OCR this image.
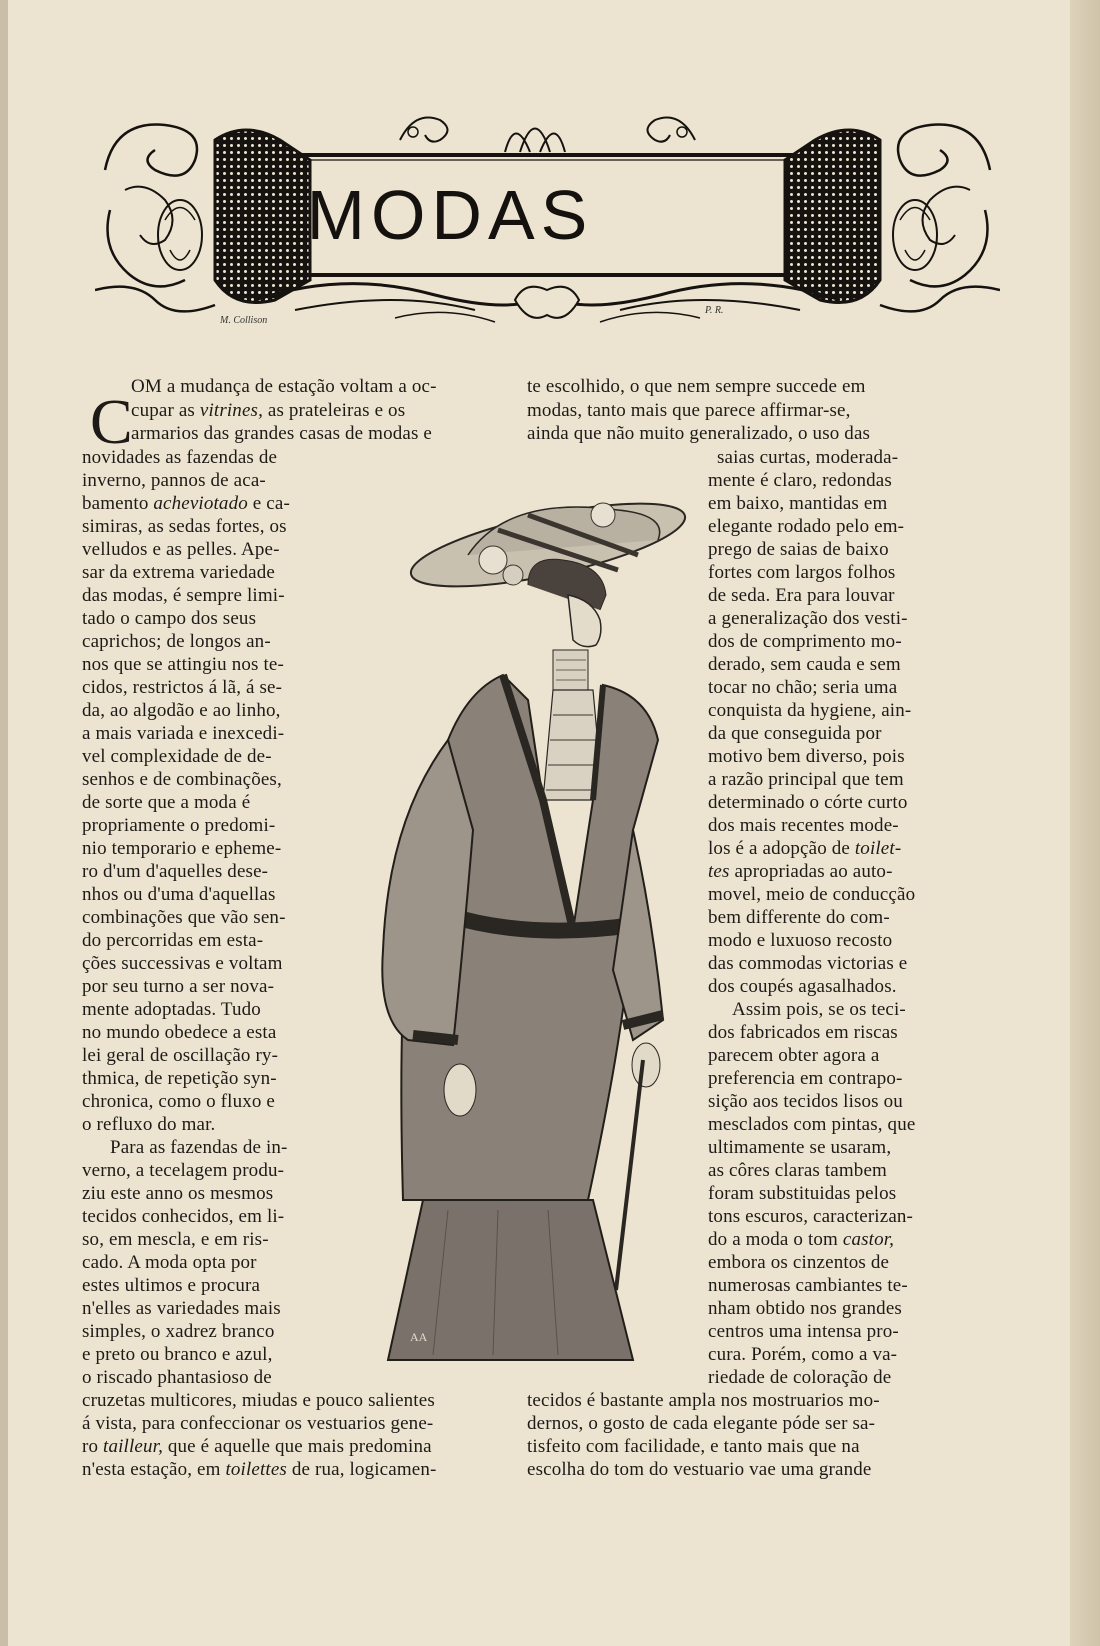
M. Collison
P. R.
MODAS
C
AA
OM a mudança de estação voltam a oc-
cupar as vitrines, as prateleiras e os
armarios das grandes casas de modas e
novidades as fazendas de
inverno, pannos de aca-
bamento acheviotado e ca-
simiras, as sedas fortes, os
velludos e as pelles. Ape-
sar da extrema variedade
das modas, é sempre limi-
tado o campo dos seus
caprichos; de longos an-
nos que se attingiu nos te-
cidos, restrictos á lã, á se-
da, ao algodão e ao linho,
a mais variada e inexcedi-
vel complexidade de de-
senhos e de combinações,
de sorte que a moda é
propriamente o predomi-
nio temporario e epheme-
ro d'um d'aquelles dese-
nhos ou d'uma d'aquellas
combinações que vão sen-
do percorridas em esta-
ções successivas e voltam
por seu turno a ser nova-
mente adoptadas. Tudo
no mundo obedece a esta
lei geral de oscillação ry-
thmica, de repetição syn-
chronica, como o fluxo e
o refluxo do mar.
Para as fazendas de in-
verno, a tecelagem produ-
ziu este anno os mesmos
tecidos conhecidos, em li-
so, em mescla, e em ris-
cado. A moda opta por
estes ultimos e procura
n'elles as variedades mais
simples, o xadrez branco
e preto ou branco e azul,
o riscado phantasioso de
cruzetas multicores, miudas e pouco salientes
á vista, para confeccionar os vestuarios gene-
ro tailleur, que é aquelle que mais predomina
n'esta estação, em toilettes de rua, logicamen-
te escolhido, o que nem sempre succede em
modas, tanto mais que parece affirmar-se,
ainda que não muito generalizado, o uso das
saias curtas, moderada-
mente é claro, redondas
em baixo, mantidas em
elegante rodado pelo em-
prego de saias de baixo
fortes com largos folhos
de seda. Era para louvar
a generalização dos vesti-
dos de comprimento mo-
derado, sem cauda e sem
tocar no chão; seria uma
conquista da hygiene, ain-
da que conseguida por
motivo bem diverso, pois
a razão principal que tem
determinado o córte curto
dos mais recentes mode-
los é a adopção de toilet-
tes apropriadas ao auto-
movel, meio de conducção
bem differente do com-
modo e luxuoso recosto
das commodas victorias e
dos coupés agasalhados.
Assim pois, se os teci-
dos fabricados em riscas
parecem obter agora a
preferencia em contrapo-
sição aos tecidos lisos ou
mesclados com pintas, que
ultimamente se usaram,
as côres claras tambem
foram substituidas pelos
tons escuros, caracterizan-
do a moda o tom castor,
embora os cinzentos de
numerosas cambiantes te-
nham obtido nos grandes
centros uma intensa pro-
cura. Porém, como a va-
riedade de coloração de
tecidos é bastante ampla nos mostruarios mo-
dernos, o gosto de cada elegante póde ser sa-
tisfeito com facilidade, e tanto mais que na
escolha do tom do vestuario vae uma grande
